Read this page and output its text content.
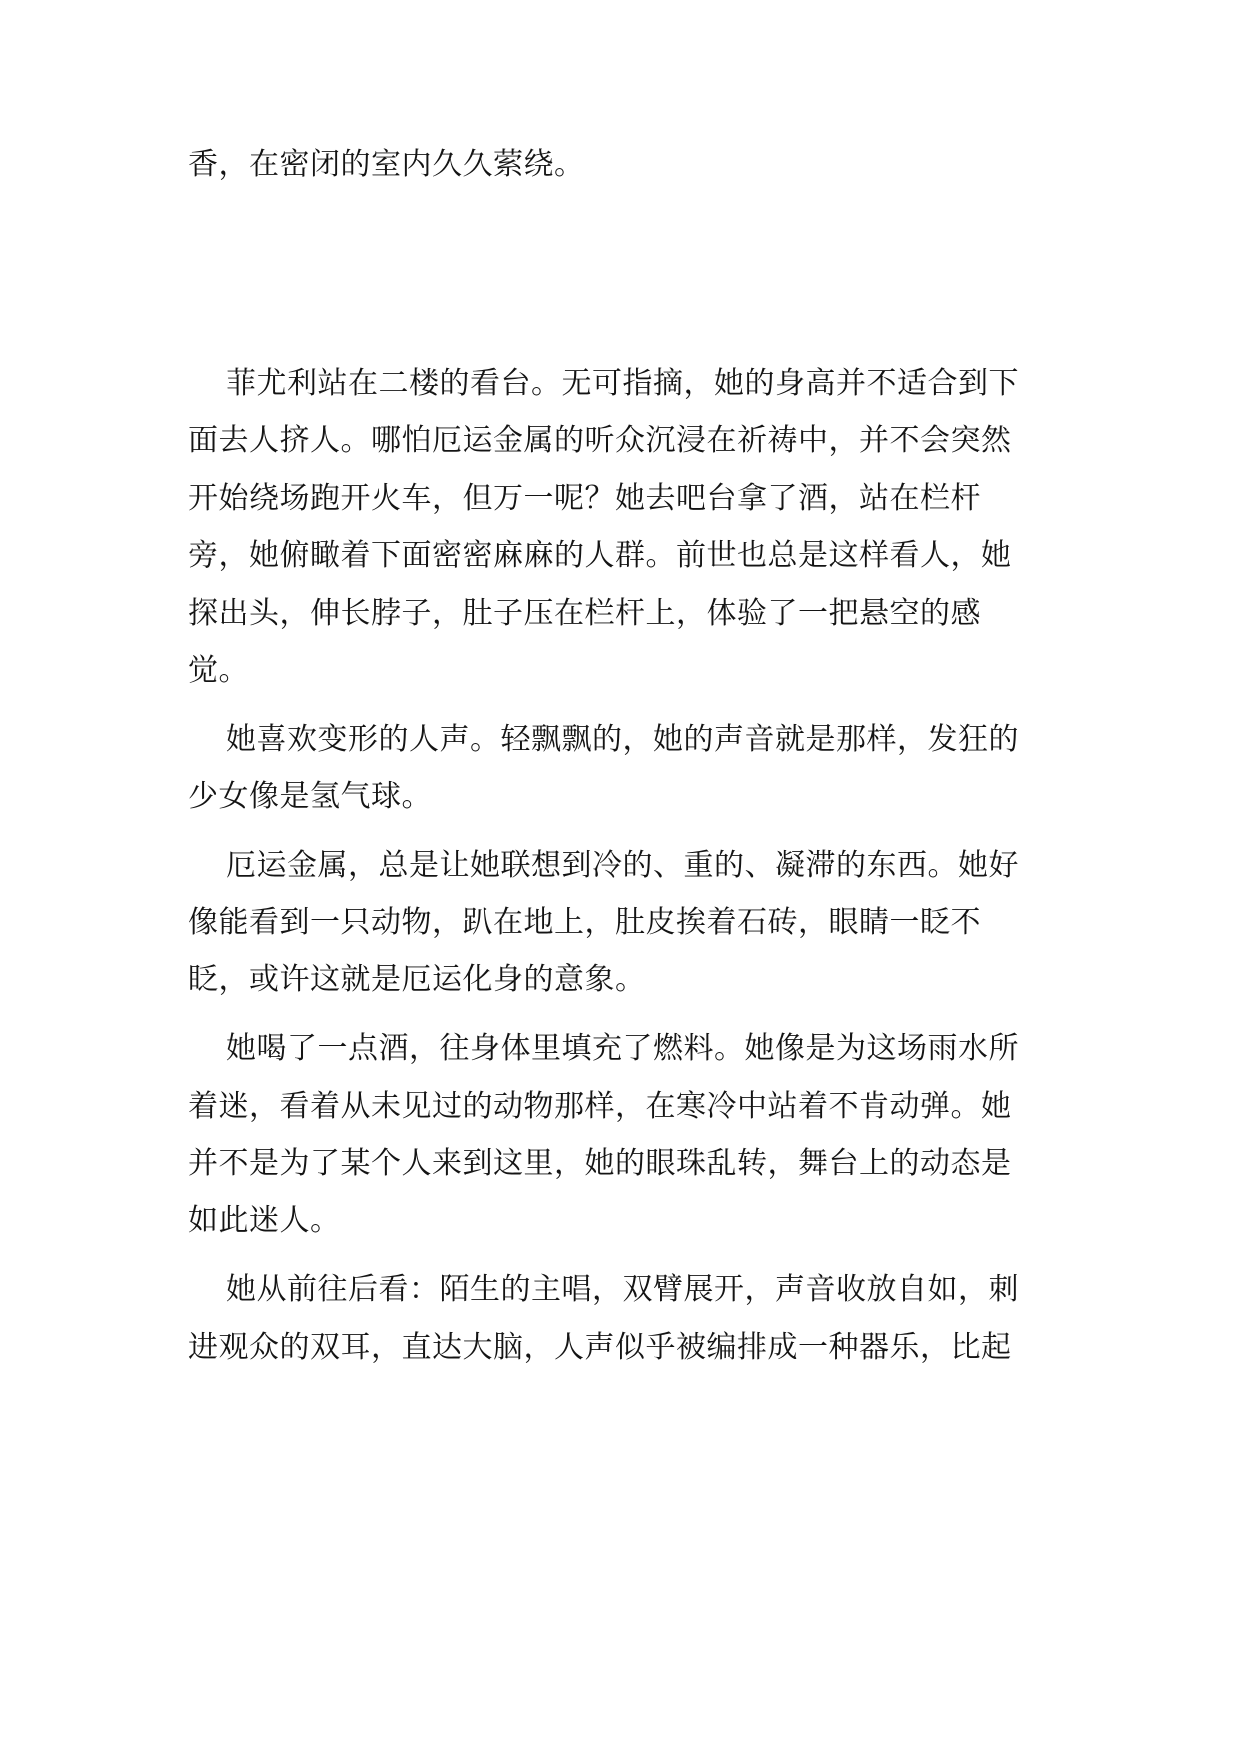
香，在密闭的室内久久萦绕。

菲尤利站在二楼的看台。无可指摘，她的身高并不适合到下

面去人挤人。哪怕厄运金属的听众沉浸在祈祷中，并不会突然

开始绕场跑开火车，但万一呢？她去吧台拿了酒，站在栏杆

旁，她俯瞰着下面密密麻麻的人群。前世也总是这样看人，她

探出头，伸长脖子，肚子压在栏杆上，体验了一把悬空的感

觉。

她喜欢变形的人声。轻飘飘的，她的声音就是那样，发狂的

少女像是氢气球。

厄运金属，总是让她联想到冷的、重的、凝滞的东西。她好

像能看到一只动物，趴在地上，肚皮挨着石砖，眼睛一眨不

眨，或许这就是厄运化身的意象。

她喝了一点酒，往身体里填充了燃料。她像是为这场雨水所

着迷，看着从未见过的动物那样，在寒冷中站着不肯动弹。她

并不是为了某个人来到这里，她的眼珠乱转，舞台上的动态是

如此迷人。

她从前往后看：陌生的主唱，双臂展开，声音收放自如，刺

进观众的双耳，直达大脑，人声似乎被编排成一种器乐，比起
